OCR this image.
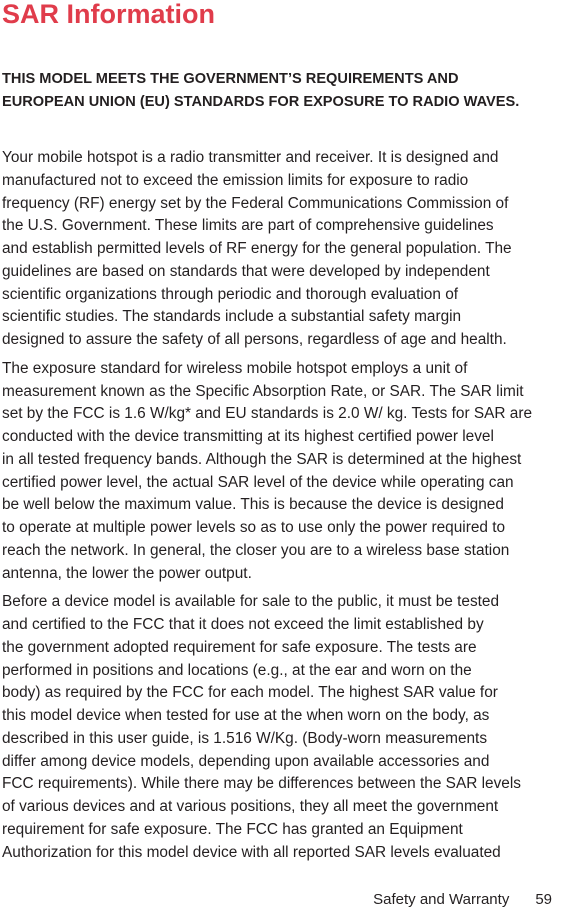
SAR Information

THIS MODEL MEETS THE GOVERNMENT’S REQUIREMENTS AND
EUROPEAN UNION (EU) STANDARDS FOR EXPOSURE TO RADIO WAVES.

Your mobile hotspot is a radio transmitter and receiver. It is designed and
manufactured not to exceed the emission limits for exposure to radio
frequency (RF) energy set by the Federal Communications Commission of
the U.S. Government. These limits are part of comprehensive guidelines
and establish permitted levels of RF energy for the general population. The
guidelines are based on standards that were developed by independent
scientific organizations through periodic and thorough evaluation of
scientific studies. The standards include a substantial safety margin
designed to assure the safety of all persons, regardless of age and health.

The exposure standard for wireless mobile hotspot employs a unit of
measurement known as the Specific Absorption Rate, or SAR. The SAR limit
set by the FCC is 1.6 W/kg* and EU standards is 2.0 W/ kg. Tests for SAR are
conducted with the device transmitting at its highest certified power level
in all tested frequency bands. Although the SAR is determined at the highest
certified power level, the actual SAR level of the device while operating can
be well below the maximum value. This is because the device is designed
to operate at multiple power levels so as to use only the power required to
reach the network. In general, the closer you are to a wireless base station
antenna, the lower the power output.

Before a device model is available for sale to the public, it must be tested
and certified to the FCC that it does not exceed the limit established by
the government adopted requirement for safe exposure. The tests are
performed in positions and locations (e.g., at the ear and worn on the
body) as required by the FCC for each model. The highest SAR value for
this model device when tested for use at the when worn on the body, as
described in this user guide, is 1.516 W/Kg. (Body-worn measurements
differ among device models, depending upon available accessories and
FCC requirements). While there may be differences between the SAR levels
of various devices and at various positions, they all meet the government
requirement for safe exposure. The FCC has granted an Equipment
Authorization for this model device with all reported SAR levels evaluated

Safety and Warranty 59
